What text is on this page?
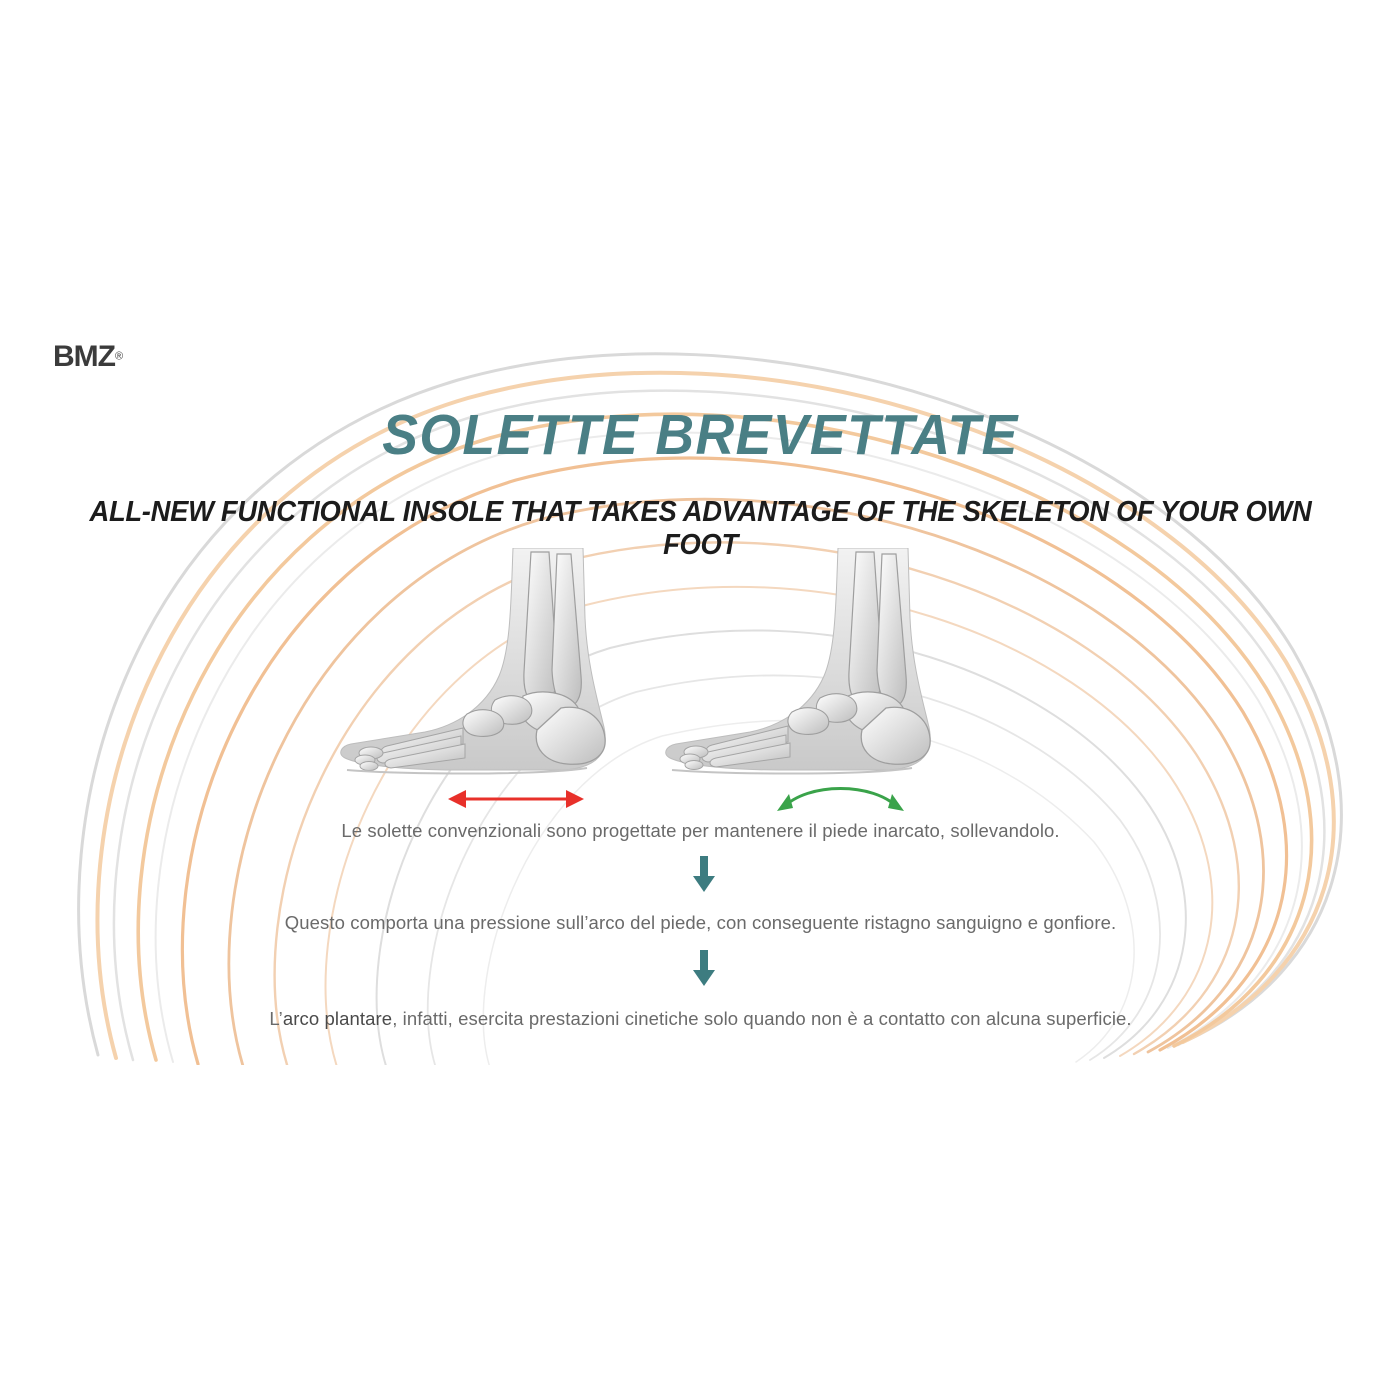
BMZ®
SOLETTE BREVETTATE
ALL-NEW FUNCTIONAL INSOLE THAT TAKES ADVANTAGE OF THE SKELETON OF YOUR OWN FOOT
Le solette convenzionali sono progettate per mantenere il piede inarcato, sollevandolo.
Questo comporta una pressione sull’arco del piede, con conseguente ristagno sanguigno e gonfiore.
L’arco plantare, infatti, esercita prestazioni cinetiche solo quando non è a contatto con alcuna superficie.
